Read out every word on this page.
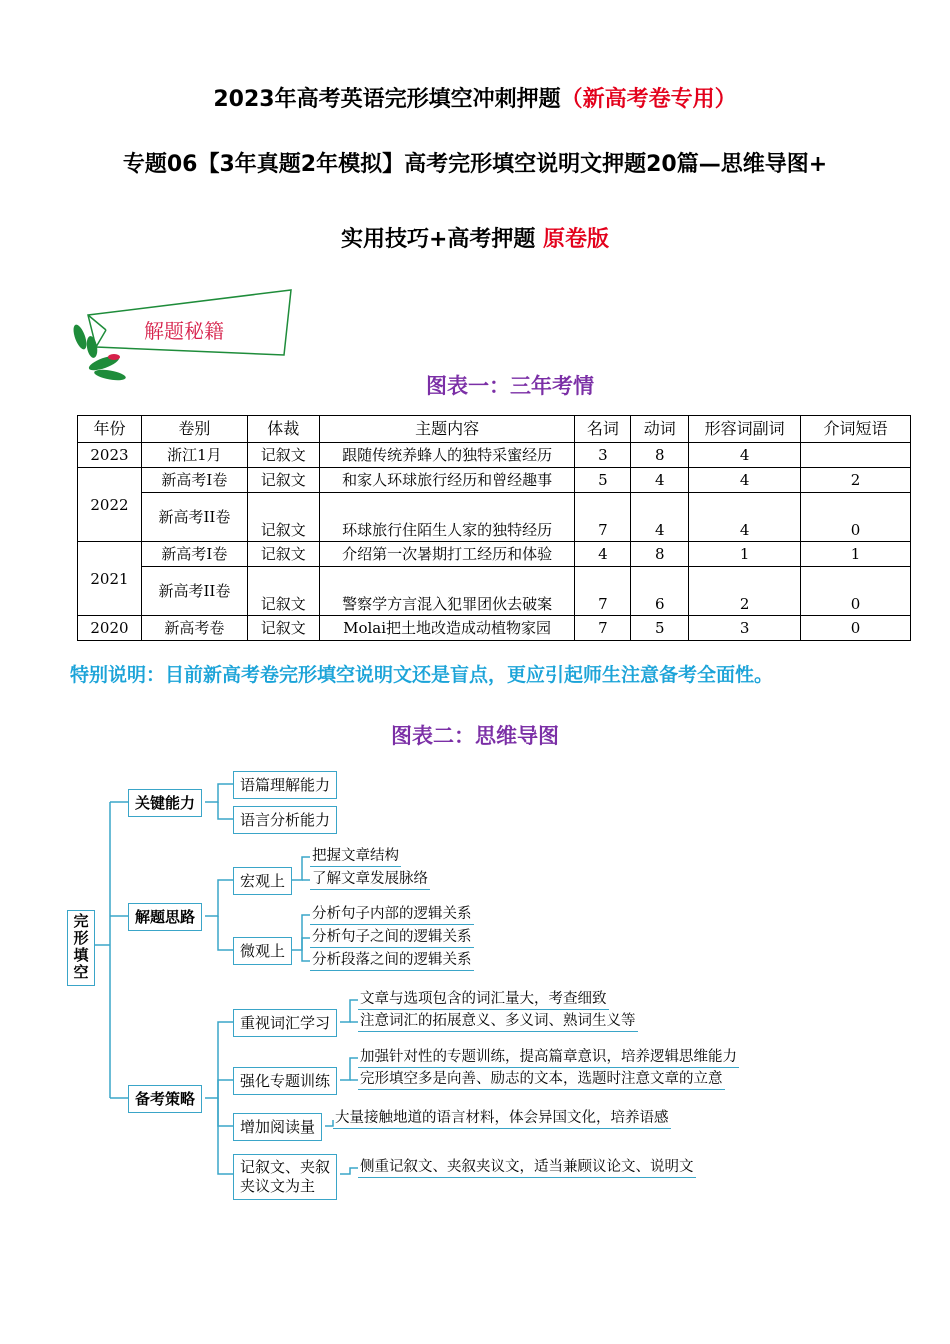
2023年高考英语完形填空冲刺押题（新高考卷专用）
专题06【3年真题2年模拟】高考完形填空说明文押题20篇—思维导图+
实用技巧+高考押题 原卷版
解题秘籍
图表一：三年考情
年份	卷别	体裁	主题内容	名词	动词	形容词副词	介词短语
2023	浙江1月	记叙文	跟随传统养蜂人的独特采蜜经历	3	8	4	
2022	新高考I卷	记叙文	和家人环球旅行经历和曾经趣事	5	4	4	2
	新高考II卷	记叙文	环球旅行住陌生人家的独特经历	7	4	4	0
2021	新高考I卷	记叙文	介绍第一次暑期打工经历和体验	4	8	1	1
	新高考II卷	记叙文	警察学方言混入犯罪团伙去破案	7	6	2	0
2020	新高考卷	记叙文	Molai把土地改造成动植物家园	7	5	3	0
特别说明：目前新高考卷完形填空说明文还是盲点，更应引起师生注意备考全面性。
图表二：思维导图
完形填空
关键能力
语篇理解能力
语言分析能力
解题思路
宏观上
把握文章结构
了解文章发展脉络
微观上
分析句子内部的逻辑关系
分析句子之间的逻辑关系
分析段落之间的逻辑关系
备考策略
重视词汇学习
文章与选项包含的词汇量大，考查细致
注意词汇的拓展意义、多义词、熟词生义等
强化专题训练
加强针对性的专题训练，提高篇章意识，培养逻辑思维能力
完形填空多是向善、励志的文本，选题时注意文章的立意
增加阅读量	大量接触地道的语言材料，体会异国文化，培养语感
记叙文、夹叙
夹议文为主
侧重记叙文、夹叙夹议文，适当兼顾议论文、说明文
